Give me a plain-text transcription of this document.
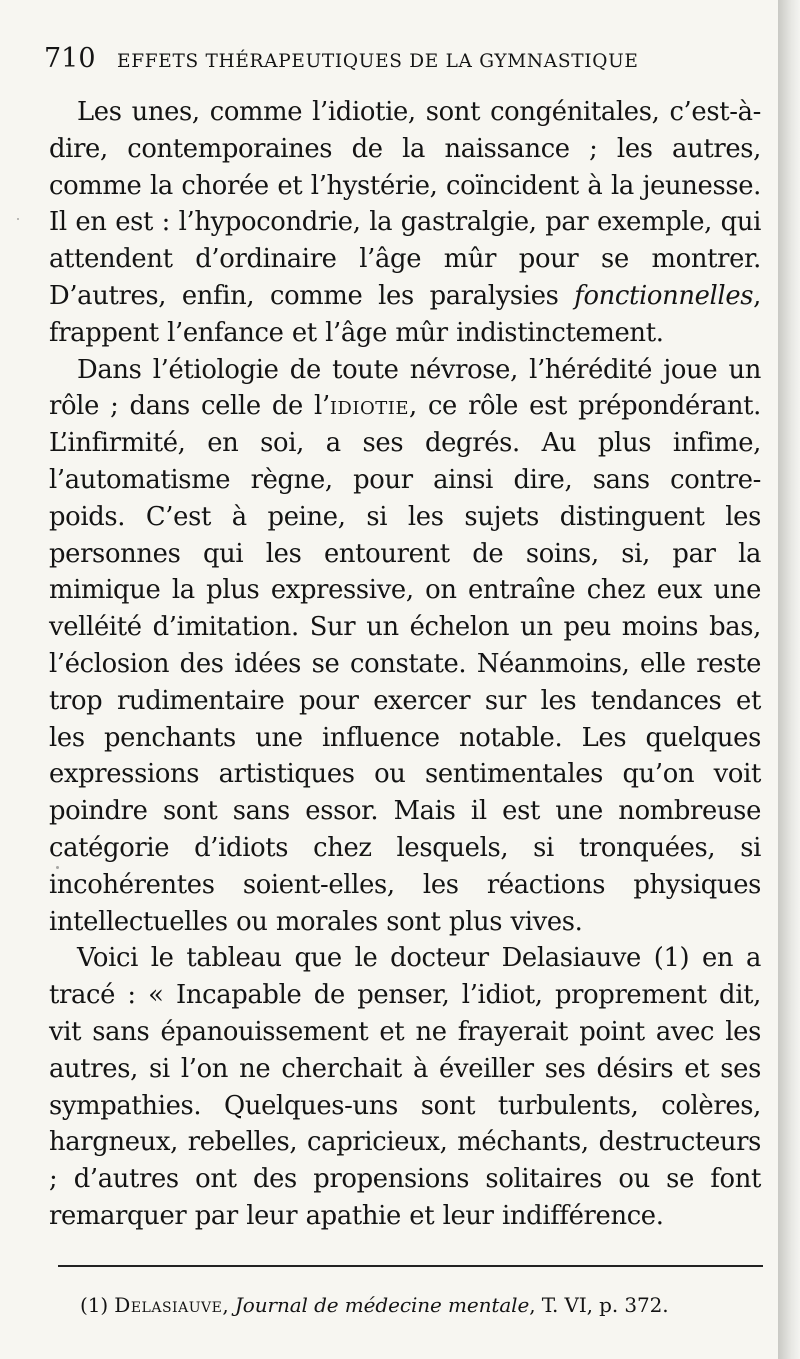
710 EFFETS THÉRAPEUTIQUES DE LA GYMNASTIQUE

Les unes, comme l’idiotie, sont congénitales, c’est-à-dire, contemporaines de la naissance ; les autres, comme la chorée et l’hystérie, coïncident à la jeunesse. Il en est : l’hypocondrie, la gastralgie, par exemple, qui attendent d’ordinaire l’âge mûr pour se montrer. D’autres, enfin, comme les paralysies fonctionnelles, frappent l’enfance et l’âge mûr indistinctement.

Dans l’étiologie de toute névrose, l’hérédité joue un rôle ; dans celle de l’idiotie, ce rôle est prépondérant. L’infirmité, en soi, a ses degrés. Au plus infime, l’automatisme règne, pour ainsi dire, sans contre-poids. C’est à peine, si les sujets distinguent les personnes qui les entourent de soins, si, par la mimique la plus expressive, on entraîne chez eux une velléité d’imitation. Sur un échelon un peu moins bas, l’éclosion des idées se constate. Néanmoins, elle reste trop rudimentaire pour exercer sur les tendances et les penchants une influence notable. Les quelques expressions artistiques ou sentimentales qu’on voit poindre sont sans essor. Mais il est une nombreuse catégorie d’idiots chez lesquels, si tronquées, si incohérentes soient-elles, les réactions physiques intellectuelles ou morales sont plus vives.

Voici le tableau que le docteur Delasiauve (1) en a tracé : « Incapable de penser, l’idiot, proprement dit, vit sans épanouissement et ne frayerait point avec les autres, si l’on ne cherchait à éveiller ses désirs et ses sympathies. Quelques-uns sont turbulents, colères, hargneux, rebelles, capricieux, méchants, destructeurs ; d’autres ont des propensions solitaires ou se font remarquer par leur apathie et leur indifférence.

(1) Delasiauve, Journal de médecine mentale, T. VI, p. 372.
